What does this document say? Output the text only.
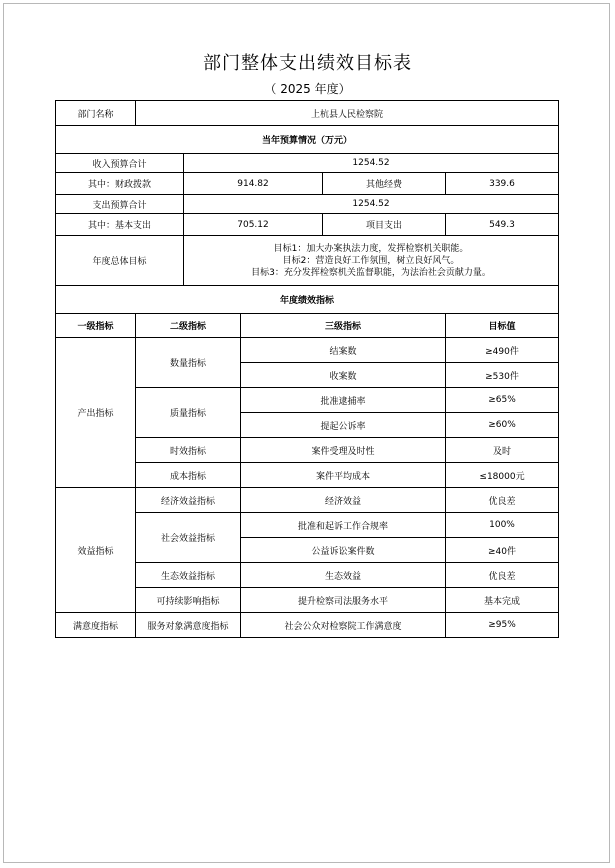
部门整体支出绩效目标表
（ 2025 年度）
部门名称	上杭县人民检察院				
当年预算情况（万元）					
收入预算合计		1254.52			
其中：财政拨款		914.82		其他经费	339.6
支出预算合计		1254.52			
其中：基本支出		705.12		项目支出	549.3
年度总体目标		目标1：加大办案执法力度，发挥检察机关职能。
目标2：营造良好工作氛围，树立良好风气。
目标3：充分发挥检察机关监督职能，为法治社会贡献力量。			

年度绩效指标					
一级指标	二级指标		三级指标		目标值
产出指标	数量指标		结案数		≥490件
			收案数		≥530件
	质量指标		批准逮捕率		≥65%
			提起公诉率		≥60%
	时效指标		案件受理及时性		及时
	成本指标		案件平均成本		≤18000元
效益指标	经济效益指标		经济效益		优良差
	社会效益指标		批准和起诉工作合规率		100%
			公益诉讼案件数		≥40件
	生态效益指标		生态效益		优良差
	可持续影响指标		提升检察司法服务水平		基本完成
满意度指标	服务对象满意度指标		社会公众对检察院工作满意度		≥95%
